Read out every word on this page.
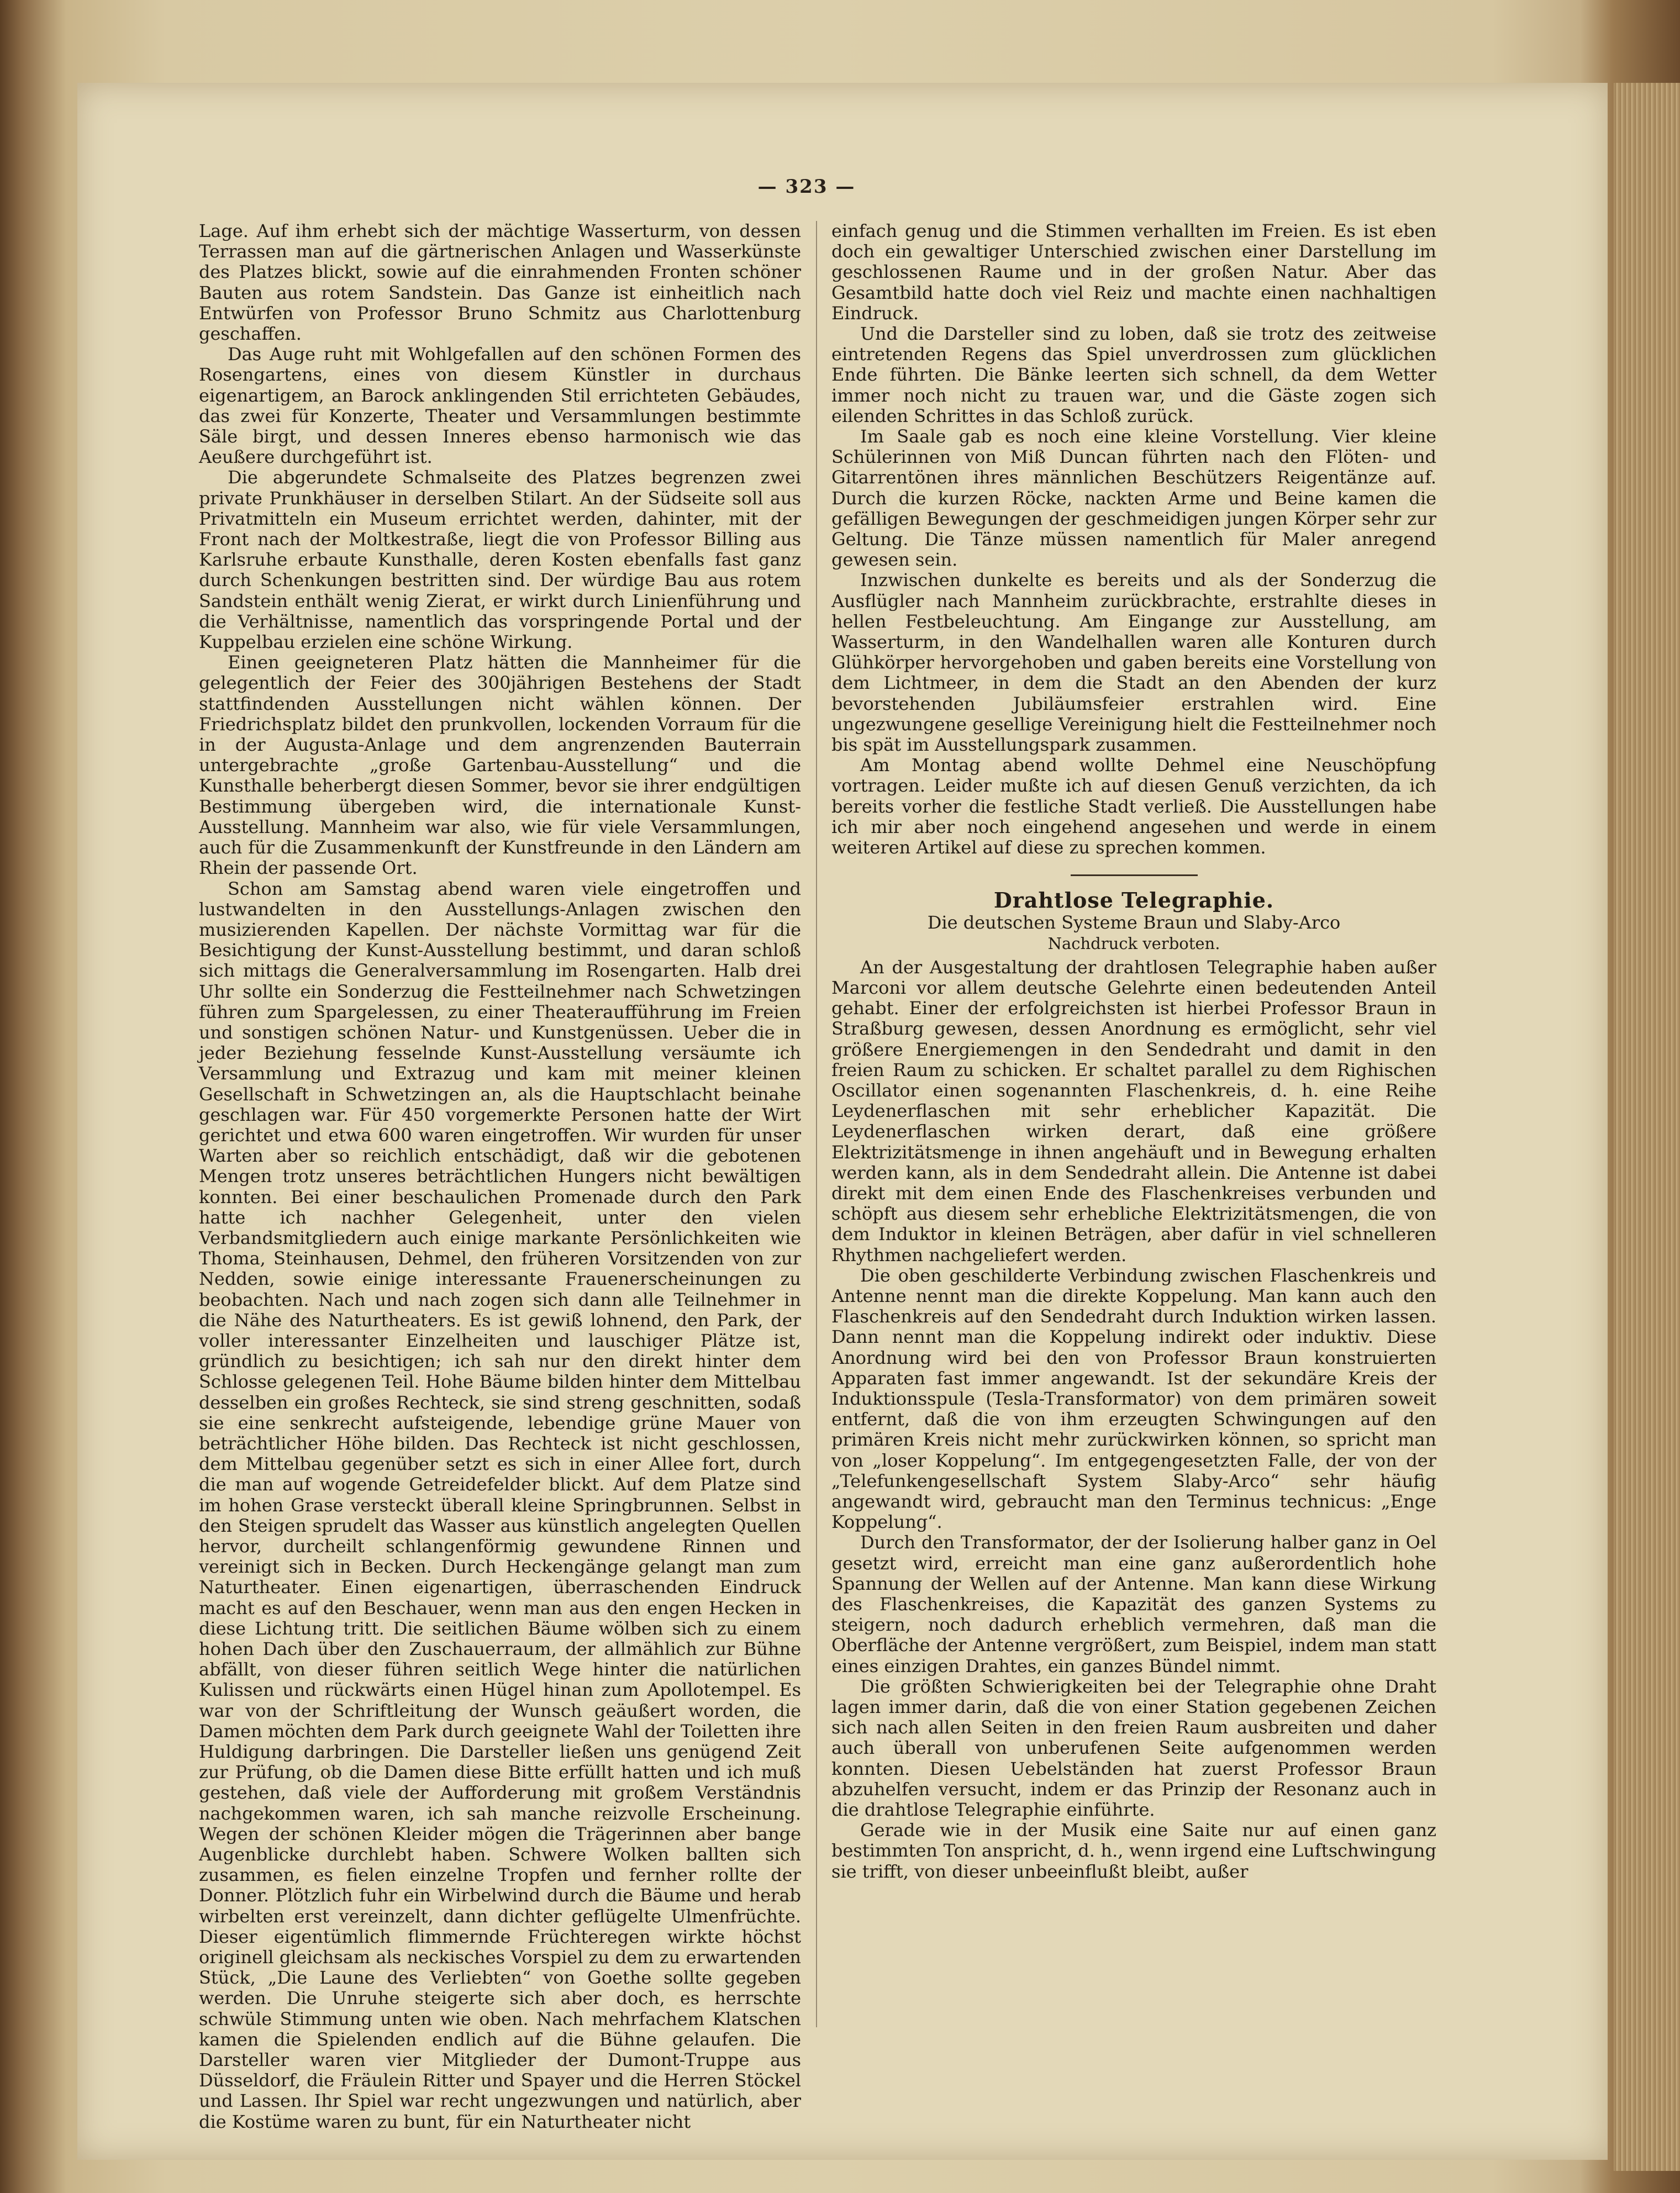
— 323 —

Lage. Auf ihm erhebt sich der mächtige Wasserturm, von dessen Terrassen man auf die gärtnerischen Anlagen und Wasserkünste des Platzes blickt, sowie auf die einrahmenden Fronten schöner Bauten aus rotem Sandstein. Das Ganze ist einheitlich nach Entwürfen von Professor Bruno Schmitz aus Charlottenburg geschaffen.

Das Auge ruht mit Wohlgefallen auf den schönen Formen des Rosengartens, eines von diesem Künstler in durchaus eigenartigem, an Barock anklingenden Stil errichteten Gebäudes, das zwei für Konzerte, Theater und Versammlungen bestimmte Säle birgt, und dessen Inneres ebenso harmonisch wie das Aeußere durchgeführt ist.

Die abgerundete Schmalseite des Platzes begrenzen zwei private Prunkhäuser in derselben Stilart. An der Südseite soll aus Privatmitteln ein Museum errichtet werden, dahinter, mit der Front nach der Moltkestraße, liegt die von Professor Billing aus Karlsruhe erbaute Kunsthalle, deren Kosten ebenfalls fast ganz durch Schenkungen bestritten sind. Der würdige Bau aus rotem Sandstein enthält wenig Zierat, er wirkt durch Linienführung und die Verhältnisse, namentlich das vorspringende Portal und der Kuppelbau erzielen eine schöne Wirkung.

Einen geeigneteren Platz hätten die Mannheimer für die gelegentlich der Feier des 300jährigen Bestehens der Stadt stattfindenden Ausstellungen nicht wählen können. Der Friedrichsplatz bildet den prunkvollen, lockenden Vorraum für die in der Augusta-Anlage und dem angrenzenden Bauterrain untergebrachte „große Gartenbau-Ausstellung“ und die Kunsthalle beherbergt diesen Sommer, bevor sie ihrer endgültigen Bestimmung übergeben wird, die internationale Kunst-Ausstellung. Mannheim war also, wie für viele Versammlungen, auch für die Zusammenkunft der Kunstfreunde in den Ländern am Rhein der passende Ort.

Schon am Samstag abend waren viele eingetroffen und lustwandelten in den Ausstellungs-Anlagen zwischen den musizierenden Kapellen. Der nächste Vormittag war für die Besichtigung der Kunst-Ausstellung bestimmt, und daran schloß sich mittags die Generalversammlung im Rosengarten. Halb drei Uhr sollte ein Sonderzug die Festteilnehmer nach Schwetzingen führen zum Spargelessen, zu einer Theateraufführung im Freien und sonstigen schönen Natur- und Kunstgenüssen. Ueber die in jeder Beziehung fesselnde Kunst-Ausstellung versäumte ich Versammlung und Extrazug und kam mit meiner kleinen Gesellschaft in Schwetzingen an, als die Hauptschlacht beinahe geschlagen war. Für 450 vorgemerkte Personen hatte der Wirt gerichtet und etwa 600 waren eingetroffen. Wir wurden für unser Warten aber so reichlich entschädigt, daß wir die gebotenen Mengen trotz unseres beträchtlichen Hungers nicht bewältigen konnten. Bei einer beschaulichen Promenade durch den Park hatte ich nachher Gelegenheit, unter den vielen Verbandsmitgliedern auch einige markante Persönlichkeiten wie Thoma, Steinhausen, Dehmel, den früheren Vorsitzenden von zur Nedden, sowie einige interessante Frauenerscheinungen zu beobachten. Nach und nach zogen sich dann alle Teilnehmer in die Nähe des Naturtheaters. Es ist gewiß lohnend, den Park, der voller interessanter Einzelheiten und lauschiger Plätze ist, gründlich zu besichtigen; ich sah nur den direkt hinter dem Schlosse gelegenen Teil. Hohe Bäume bilden hinter dem Mittelbau desselben ein großes Rechteck, sie sind streng geschnitten, sodaß sie eine senkrecht aufsteigende, lebendige grüne Mauer von beträchtlicher Höhe bilden. Das Rechteck ist nicht geschlossen, dem Mittelbau gegenüber setzt es sich in einer Allee fort, durch die man auf wogende Getreidefelder blickt. Auf dem Platze sind im hohen Grase versteckt überall kleine Springbrunnen. Selbst in den Steigen sprudelt das Wasser aus künstlich angelegten Quellen hervor, durcheilt schlangenförmig gewundene Rinnen und vereinigt sich in Becken. Durch Heckengänge gelangt man zum Naturtheater. Einen eigenartigen, überraschenden Eindruck macht es auf den Beschauer, wenn man aus den engen Hecken in diese Lichtung tritt. Die seitlichen Bäume wölben sich zu einem hohen Dach über den Zuschauerraum, der allmählich zur Bühne abfällt, von dieser führen seitlich Wege hinter die natürlichen Kulissen und rückwärts einen Hügel hinan zum Apollotempel. Es war von der Schriftleitung der Wunsch geäußert worden, die Damen möchten dem Park durch geeignete Wahl der Toiletten ihre Huldigung darbringen. Die Darsteller ließen uns genügend Zeit zur Prüfung, ob die Damen diese Bitte erfüllt hatten und ich muß gestehen, daß viele der Aufforderung mit großem Verständnis nachgekommen waren, ich sah manche reizvolle Erscheinung. Wegen der schönen Kleider mögen die Trägerinnen aber bange Augenblicke durchlebt haben. Schwere Wolken ballten sich zusammen, es fielen einzelne Tropfen und fernher rollte der Donner. Plötzlich fuhr ein Wirbelwind durch die Bäume und herab wirbelten erst vereinzelt, dann dichter geflügelte Ulmenfrüchte. Dieser eigentümlich flimmernde Früchteregen wirkte höchst originell gleichsam als neckisches Vorspiel zu dem zu erwartenden Stück, „Die Laune des Verliebten“ von Goethe sollte gegeben werden. Die Unruhe steigerte sich aber doch, es herrschte schwüle Stimmung unten wie oben. Nach mehrfachem Klatschen kamen die Spielenden endlich auf die Bühne gelaufen. Die Darsteller waren vier Mitglieder der Dumont-Truppe aus Düsseldorf, die Fräulein Ritter und Spayer und die Herren Stöckel und Lassen. Ihr Spiel war recht ungezwungen und natürlich, aber die Kostüme waren zu bunt, für ein Naturtheater nicht

einfach genug und die Stimmen verhallten im Freien. Es ist eben doch ein gewaltiger Unterschied zwischen einer Darstellung im geschlossenen Raume und in der großen Natur. Aber das Gesamtbild hatte doch viel Reiz und machte einen nachhaltigen Eindruck.

Und die Darsteller sind zu loben, daß sie trotz des zeitweise eintretenden Regens das Spiel unverdrossen zum glücklichen Ende führten. Die Bänke leerten sich schnell, da dem Wetter immer noch nicht zu trauen war, und die Gäste zogen sich eilenden Schrittes in das Schloß zurück.

Im Saale gab es noch eine kleine Vorstellung. Vier kleine Schülerinnen von Miß Duncan führten nach den Flöten- und Gitarrentönen ihres männlichen Beschützers Reigentänze auf. Durch die kurzen Röcke, nackten Arme und Beine kamen die gefälligen Bewegungen der geschmeidigen jungen Körper sehr zur Geltung. Die Tänze müssen namentlich für Maler anregend gewesen sein.

Inzwischen dunkelte es bereits und als der Sonderzug die Ausflügler nach Mannheim zurückbrachte, erstrahlte dieses in hellen Festbeleuchtung. Am Eingange zur Ausstellung, am Wasserturm, in den Wandelhallen waren alle Konturen durch Glühkörper hervorgehoben und gaben bereits eine Vorstellung von dem Lichtmeer, in dem die Stadt an den Abenden der kurz bevorstehenden Jubiläumsfeier erstrahlen wird. Eine ungezwungene gesellige Vereinigung hielt die Festteilnehmer noch bis spät im Ausstellungspark zusammen.

Am Montag abend wollte Dehmel eine Neuschöpfung vortragen. Leider mußte ich auf diesen Genuß verzichten, da ich bereits vorher die festliche Stadt verließ. Die Ausstellungen habe ich mir aber noch eingehend angesehen und werde in einem weiteren Artikel auf diese zu sprechen kommen.

Drahtlose Telegraphie.

Die deutschen Systeme Braun und Slaby-Arco

Nachdruck verboten.

An der Ausgestaltung der drahtlosen Telegraphie haben außer Marconi vor allem deutsche Gelehrte einen bedeutenden Anteil gehabt. Einer der erfolgreichsten ist hierbei Professor Braun in Straßburg gewesen, dessen Anordnung es ermöglicht, sehr viel größere Energiemengen in den Sendedraht und damit in den freien Raum zu schicken. Er schaltet parallel zu dem Righischen Oscillator einen sogenannten Flaschenkreis, d. h. eine Reihe Leydenerflaschen mit sehr erheblicher Kapazität. Die Leydenerflaschen wirken derart, daß eine größere Elektrizitätsmenge in ihnen angehäuft und in Bewegung erhalten werden kann, als in dem Sendedraht allein. Die Antenne ist dabei direkt mit dem einen Ende des Flaschenkreises verbunden und schöpft aus diesem sehr erhebliche Elektrizitätsmengen, die von dem Induktor in kleinen Beträgen, aber dafür in viel schnelleren Rhythmen nachgeliefert werden.

Die oben geschilderte Verbindung zwischen Flaschenkreis und Antenne nennt man die direkte Koppelung. Man kann auch den Flaschenkreis auf den Sendedraht durch Induktion wirken lassen. Dann nennt man die Koppelung indirekt oder induktiv. Diese Anordnung wird bei den von Professor Braun konstruierten Apparaten fast immer angewandt. Ist der sekundäre Kreis der Induktionsspule (Tesla-Transformator) von dem primären soweit entfernt, daß die von ihm erzeugten Schwingungen auf den primären Kreis nicht mehr zurückwirken können, so spricht man von „loser Koppelung“. Im entgegengesetzten Falle, der von der „Telefunkengesellschaft System Slaby-Arco“ sehr häufig angewandt wird, gebraucht man den Terminus technicus: „Enge Koppelung“.

Durch den Transformator, der der Isolierung halber ganz in Oel gesetzt wird, erreicht man eine ganz außerordentlich hohe Spannung der Wellen auf der Antenne. Man kann diese Wirkung des Flaschenkreises, die Kapazität des ganzen Systems zu steigern, noch dadurch erheblich vermehren, daß man die Oberfläche der Antenne vergrößert, zum Beispiel, indem man statt eines einzigen Drahtes, ein ganzes Bündel nimmt.

Die größten Schwierigkeiten bei der Telegraphie ohne Draht lagen immer darin, daß die von einer Station gegebenen Zeichen sich nach allen Seiten in den freien Raum ausbreiten und daher auch überall von unberufenen Seite aufgenommen werden konnten. Diesen Uebelständen hat zuerst Professor Braun abzuhelfen versucht, indem er das Prinzip der Resonanz auch in die drahtlose Telegraphie einführte.

Gerade wie in der Musik eine Saite nur auf einen ganz bestimmten Ton anspricht, d. h., wenn irgend eine Luftschwingung sie trifft, von dieser unbeeinflußt bleibt, außer
